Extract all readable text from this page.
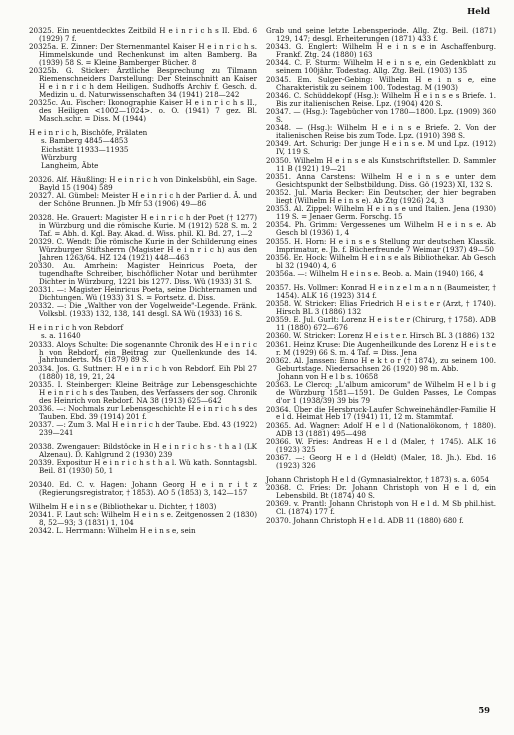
Held
20325. Ein neuentdecktes Zeitbild H e i n r i c h s II. Ebd. 6 (1929) 7 f.
20325a. E. Zinner: Der Sternenmantel Kaiser H e i n r i c h s. Himmelskunde und Rechenkunst im alten Bamberg. Ba (1939) 58 S. = Kleine Bamberger Bücher. 8
20325b. G. Sticker: Ärztliche Besprechung zu Tilmann Riemenschneiders Darstellung: Der Steinschnitt an Kaiser H e i n r i c h dem Heiligen. Sudhoffs Archiv f. Gesch. d. Medizin u. d. Naturwissenschaften 34 (1941) 218—242
20325c. Au. Fischer: Ikonographie Kaiser H e i n r i c h s II., des Heiligen <1002—1024>. o. O. (1941) 7 gez. Bl. Masch.schr. = Diss. M (1944)
H e i n r i c h, Bischöfe, Prälaten
s. Bamberg 4845—4853
Eichstätt 11933—11935
Würzburg
Langheim, Äbte
20326. Alf. Häußling: H e i n r i c h von Dinkelsbühl, ein Sage. Bayld 15 (1904) 589
20327. Al. Gümbel: Meister H e i n r i c h der Parlier d. Ä. und der Schöne Brunnen. Jb Mfr 53 (1906) 49—86
20328. He. Grauert: Magister H e i n r i c h der Poet († 1277) in Würzburg und die römische Kurie. M (1912) 528 S. m. 2 Taf. = Abh. d. Kgl. Bay. Akad. d. Wiss. phil. Kl. Bd. 27, 1—2
20329. C. Wendt: Die römische Kurie in der Schilderung eines Würzburger Stiftsherrn (Magister H e i n r i c h) aus den Jahren 1263/64. HZ 124 (1921) 448—463
20330. Au. Amrhein: Magister Heinricus Poeta, der tugendhafte Schreiber, bischöflicher Notar und berühmter Dichter in Würzburg, 1221 bis 1277. Diss. Wü (1933) 31 S.
20331. —: Magister Heinricus Poeta, seine Dichternamen und Dichtungen. Wü (1933) 31 S. = Fortsetz. d. Diss.
20332. —: Die „Walther von der Vogelweide"-Legende. Fränk. Volksbl. (1933) 132, 138, 141 desgl. SA Wü (1933) 16 S.
H e i n r i c h von Rebdorf
s. a. 11640
20333. Aloys Schulte: Die sogenannte Chronik des H e i n r i c h von Rebdorf, ein Beitrag zur Quellenkunde des 14. Jahrhunderts. Ms (1879) 89 S.
20334. Jos. G. Suttner: H e i n r i c h von Rebdorf. Eih Pbl 27 (1880) 18, 19, 21, 24
20335. I. Steinberger: Kleine Beiträge zur Lebensgeschichte H e i n r i c h s des Tauben, des Verfassers der sog. Chronik des Heinrich von Rebdorf. NA 38 (1913) 625—642
20336. —: Nochmals zur Lebensgeschichte H e i n r i c h s des Tauben. Ebd. 39 (1914) 201 f.
20337. —: Zum 3. Mal H e i n r i c h der Taube. Ebd. 43 (1922) 239—241
20338. Zwengauer: Bildstöcke in H e i n r i c h s - t h a l (LK Alzenau). D. Kahlgrund 2 (1930) 239
20339. Expositur H e i n r i c h s t h a l. Wü kath. Sonntagsbl. Beil. 81 (1930) 50, 1
20340. Ed. C. v. Hagen: Johann Georg H e i n r i t z (Regierungsregistrator, † 1853). AO 5 (1853) 3, 142—157
Wilhelm H e i n s e (Bibliothekar u. Dichter, † 1803)
20341. F. Laut sch: Wilhelm H e i n s e. Zeitgenossen 2 (1830) 8, 52—93; 3 (1831) 1, 104
20342. L. Herrmann: Wilhelm H e i n s e, sein
Grab und seine letzte Lebensperiode. Allg. Ztg. Beil. (1871) 129, 147; desgl. Erheiterungen (1871) 433 f.
20343. G. Englert: Wilhelm H e i n s e in Aschaffenburg. Frankf. Ztg. 24 (1880) 163
20344. C. F. Sturm: Wilhelm H e i n s e, ein Gedenkblatt zu seinem 100jähr. Todestag. Allg. Ztg. Beil. (1903) 135
20345. Em. Sulger-Gebing: Wilhelm H e i n s e, eine Charakteristik zu seinem 100. Todestag. M (1903)
20346. C. Schüddekopf (Hsg.): Wilhelm H e i n s e s Briefe. 1. Bis zur italienischen Reise. Lpz. (1904) 420 S.
20347. — (Hsg.): Tagebücher von 1780—1800. Lpz. (1909) 360 S.
20348. — (Hsg.): Wilhelm H e i n s e Briefe. 2. Von der italienischen Reise bis zum Tode. Lpz. (1910) 398 S.
20349. Art. Schurig: Der junge H e i n s e. M und Lpz. (1912) IV, 119 S.
20350. Wilhelm H e i n s e als Kunstschriftsteller. D. Sammler 11 B (1921) 19—21
20351. Anna Carstens: Wilhelm H e i n s e unter dem Gesichtspunkt der Selbstbildung. Diss. Gö (1923) XI, 132 S.
20352. Jul. Maria Becker: Ein Deutscher, der hier begraben liegt (Wilhelm H e i n s e). Ab Ztg (1926) 24, 3
20353. Al. Zippel: Wilhelm H e i n s e und Italien. Jena (1930) 119 S. = Jenaer Germ. Forschg. 15
20354. Ph. Grimm: Vergessenes um Wilhelm H e i n s e. Ab Gesch bl (1936) 1, 4
20355. H. Horn: H e i n s e s Stellung zur deutschen Klassik. Imprimatur, e. Jb. f. Bücherfreunde 7 Weimar (1937) 49—50
20356. Er. Hock: Wilhelm H e i n s e als Bibliothekar. Ab Gesch bl 32 (1940) 4, 6
20356a. —: Wilhelm H e i n s e. Beob. a. Main (1940) 166, 4
20357. Hs. Vollmer: Konrad H e i n z e l m a n n (Baumeister, † 1454). ALK 16 (1923) 314 f.
20358. W. Stricker: Elias Friedrich H e i s t e r (Arzt, † 1740). Hirsch BL 3 (1886) 132
20359. E. Jul. Gurlt: Lorenz H e i s t e r (Chirurg, † 1758). ADB 11 (1880) 672—676
20360. W. Stricker: Lorenz H e i s t e r. Hirsch BL 3 (1886) 132
20361. Heinz Kruse: Die Augenheilkunde des Lorenz H e i s t e r. M (1929) 66 S. m. 4 Taf. = Diss. Jena
20362. Al. Janssen: Enno H e k t o r († 1874), zu seinem 100. Geburtstage. Niedersachsen 26 (1920) 98 m. Abb.
Johann von H e l b s. 10658
20363. Le Clercq: „L'album amicorum" de Wilhelm H e l b i g de Würzburg 1581—1591. De Gulden Passes, Le Compas d'or 1 (1938/39) 39 bis 79
20364. Über die Hersbruck-Laufer Schweinehändler-Familie H e l d. Heimat Heb 17 (1941) 11, 12 m. Stammtaf.
20365. Ad. Wagner: Adolf H e l d (Nationalökonom, † 1880). ADB 13 (1881) 495—498
20366. W. Fries: Andreas H e l d (Maler, † 1745). ALK 16 (1923) 325
20367. —: Georg H e l d (Heldt) (Maler, 18. Jh.). Ebd. 16 (1923) 326
Johann Christoph H e l d (Gymnasialrektor, † 1873) s. a. 6054
20368. C. Fries: Dr. Johann Christoph von H e l d, ein Lebensbild. Bt (1874) 40 S.
20369. v. Prantl: Johann Christoph von H e l d. M Sb phil.hist. Cl. (1874) 177 f.
20370. Johann Christoph H e l d. ADB 11 (1880) 680 f.
59
